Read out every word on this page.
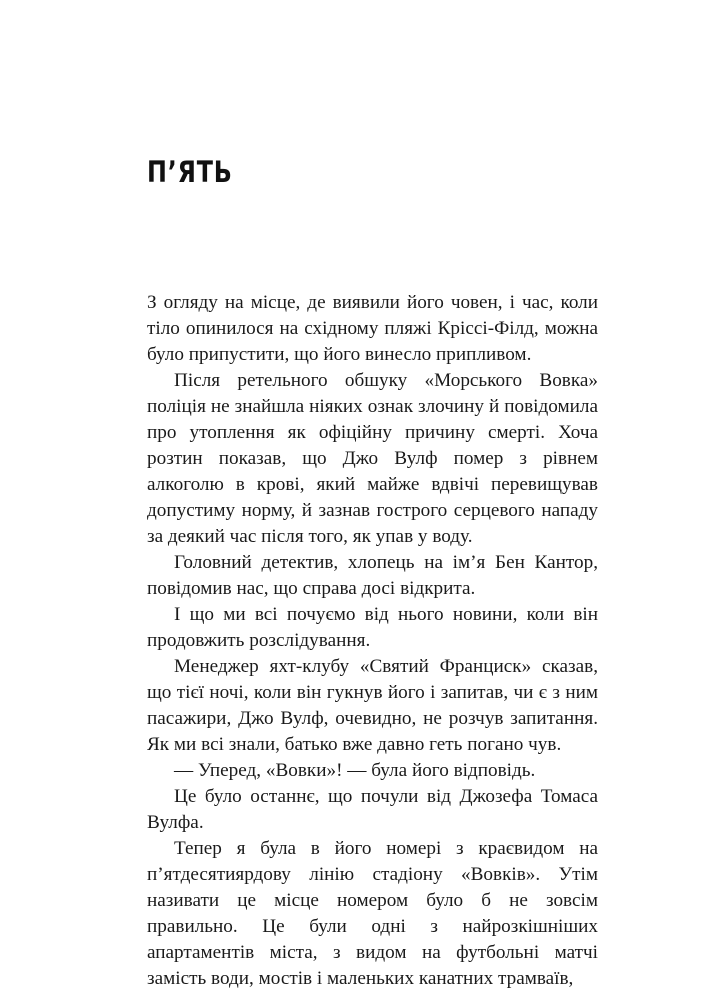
П’ЯТЬ

З огляду на місце, де виявили його човен, і час, коли тіло опинилося на східному пляжі Кріссі-Філд, можна було припустити, що його винесло припливом.

Після ретельного обшуку «Морського Вовка» поліція не знайшла ніяких ознак злочину й повідомила про утоплення як офіційну причину смерті. Хоча розтин показав, що Джо Вулф помер з рівнем алкоголю в крові, який майже вдвічі перевищував допустиму норму, й зазнав гострого серцевого нападу за деякий час після того, як упав у воду.

Головний детектив, хлопець на ім’я Бен Кантор, повідомив нас, що справа досі відкрита.

І що ми всі почуємо від нього новини, коли він продовжить розслідування.

Менеджер яхт-клубу «Святий Франциск» сказав, що тієї ночі, коли він гукнув його і запитав, чи є з ним пасажири, Джо Вулф, очевидно, не розчув запитання. Як ми всі знали, батько вже давно геть погано чув.

— Уперед, «Вовки»! — була його відповідь.

Це було останнє, що почули від Джозефа Томаса Вулфа.

Тепер я була в його номері з краєвидом на п’ятдесятиярдову лінію стадіону «Вовків». Утім називати це місце номером було б не зовсім правильно. Це були одні з найрозкішніших апартаментів міста, з видом на футбольні матчі замість води, мостів і маленьких канатних трамваїв,
